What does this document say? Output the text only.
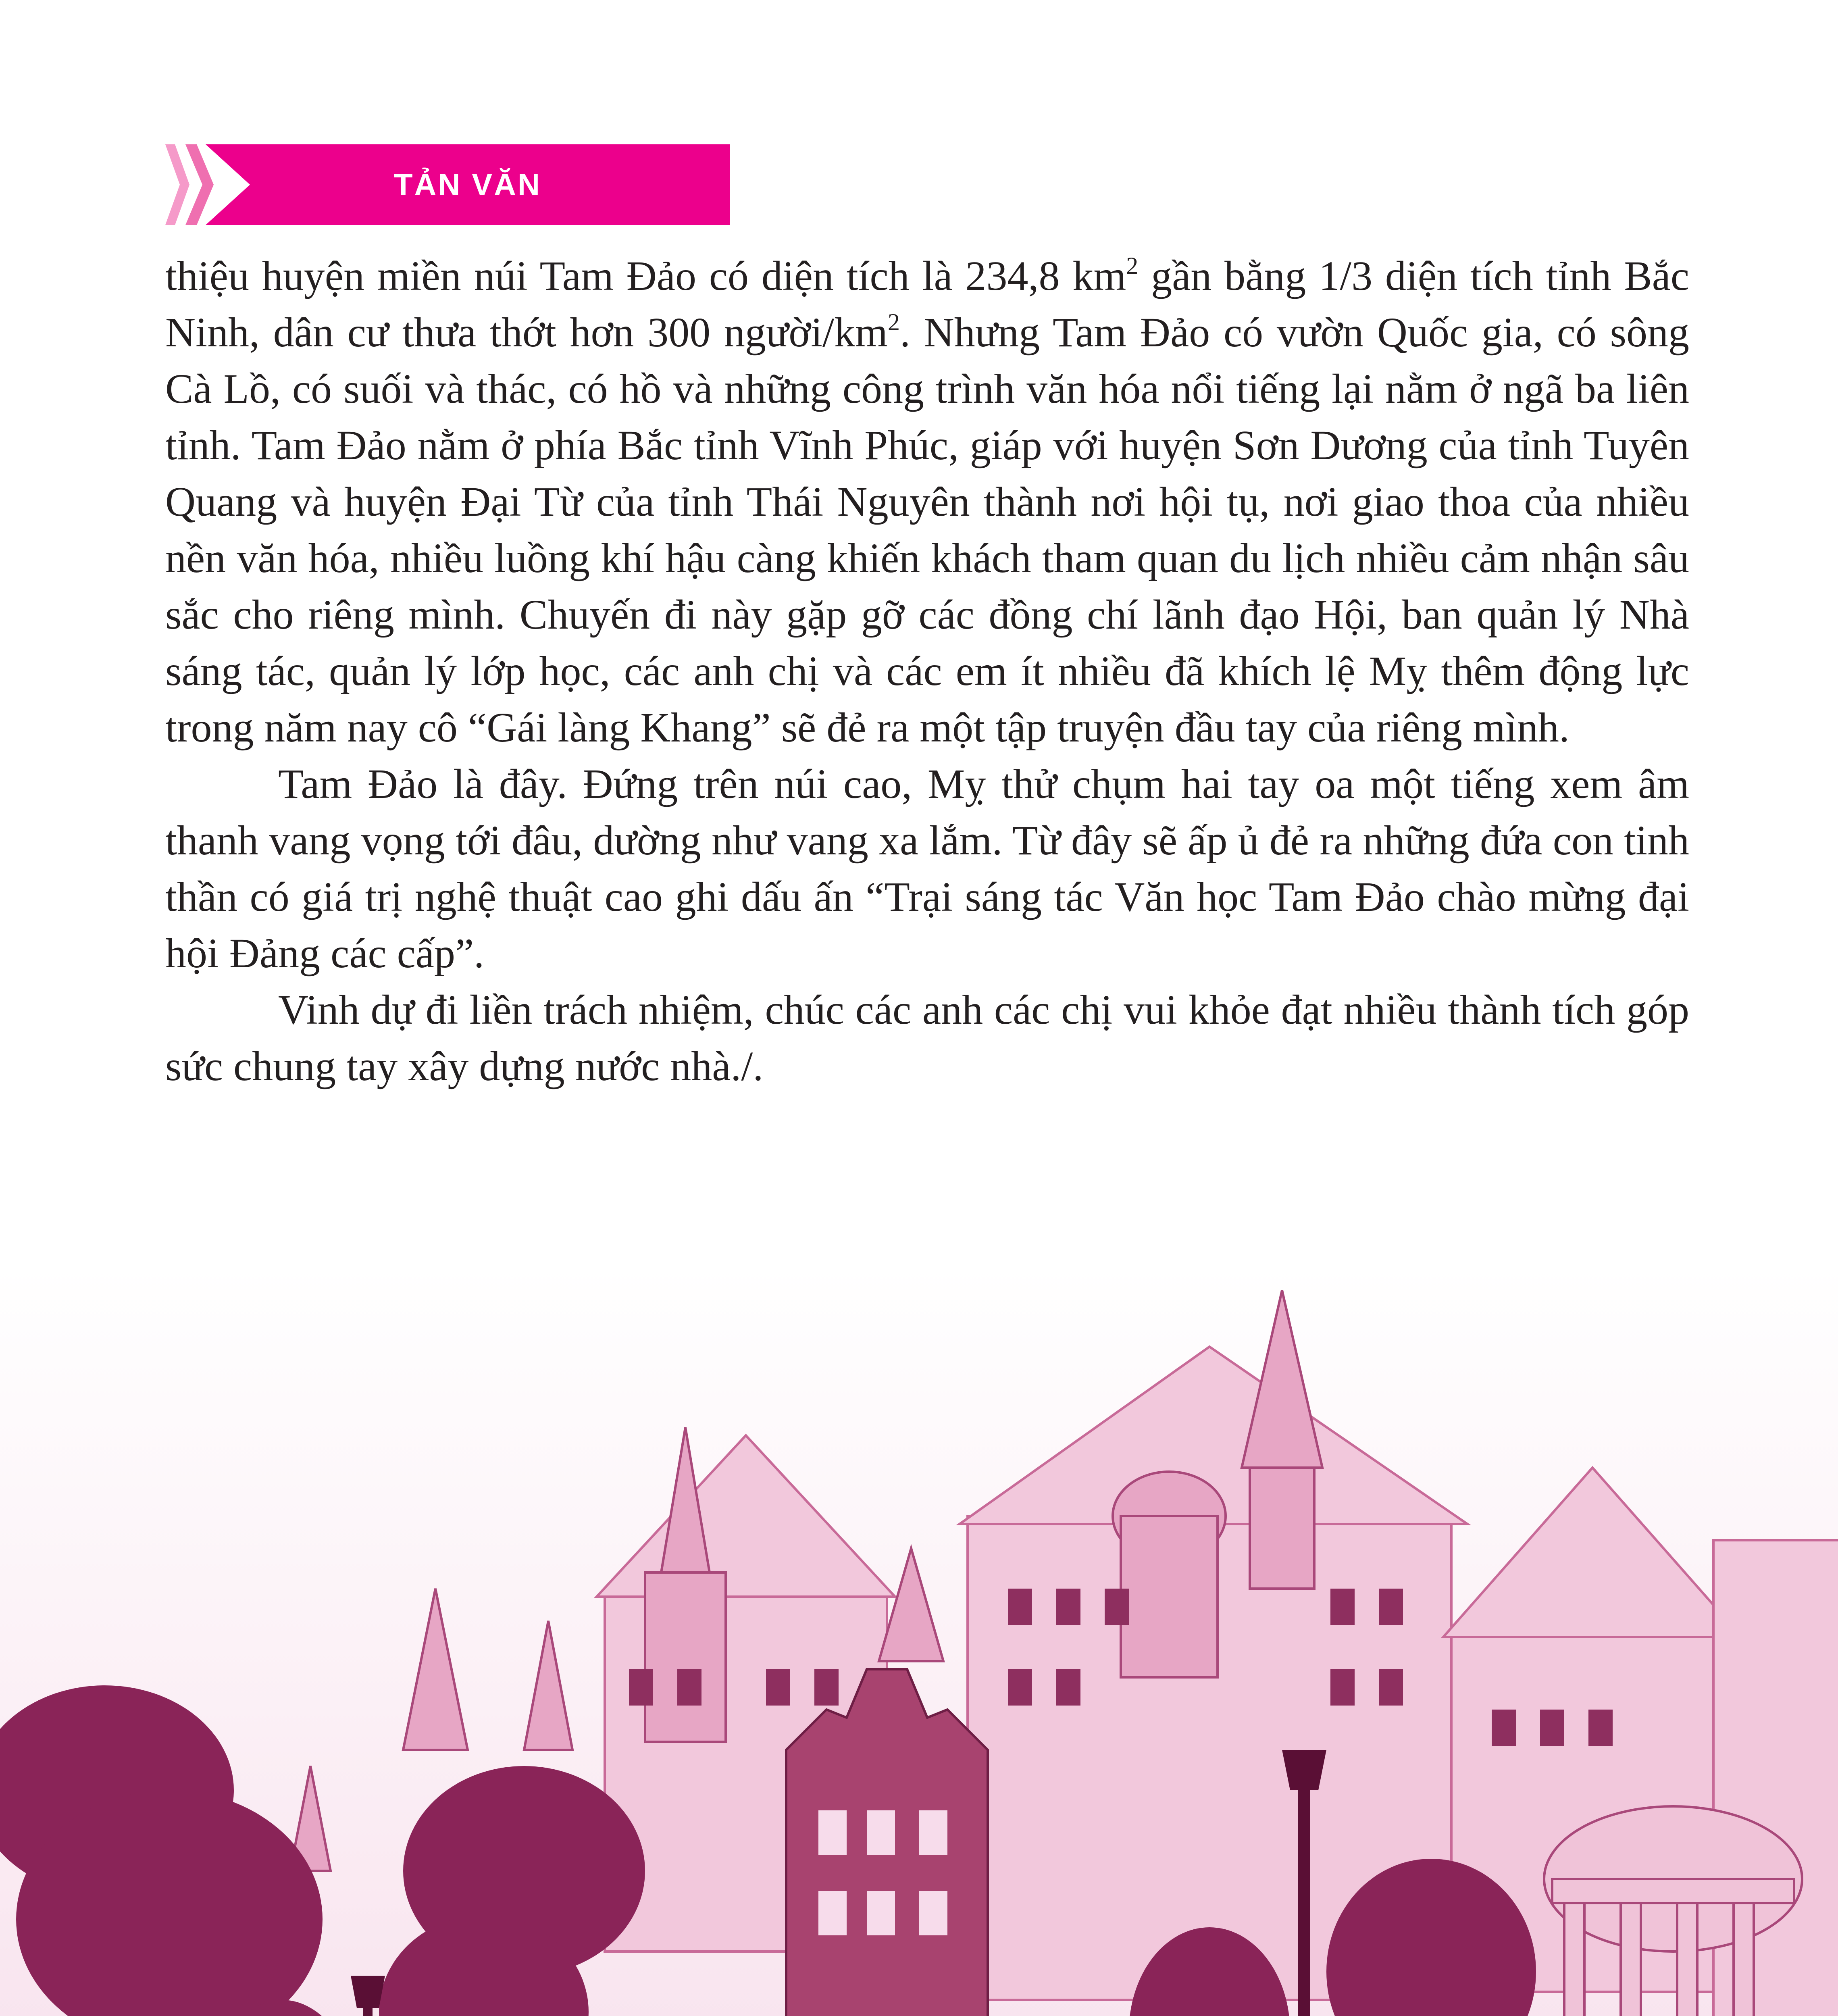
TẢN VĂN

thiệu huyện miền núi Tam Đảo có diện tích là 234,8 $km^2$ gần bằng 1/3 diện tích tỉnh Bắc Ninh, dân cư thưa thớt hơn 300 người/$km^2$. Nhưng Tam Đảo có vườn Quốc gia, có sông Cà Lồ, có suối và thác, có hồ và những công trình văn hóa nổi tiếng lại nằm ở ngã ba liên tỉnh. Tam Đảo nằm ở phía Bắc tỉnh Vĩnh Phúc, giáp với huyện Sơn Dương của tỉnh Tuyên Quang và huyện Đại Từ của tỉnh Thái Nguyên thành nơi hội tụ, nơi giao thoa của nhiều nền văn hóa, nhiều luồng khí hậu càng khiến khách tham quan du lịch nhiều cảm nhận sâu sắc cho riêng mình. Chuyến đi này gặp gỡ các đồng chí lãnh đạo Hội, ban quản lý Nhà sáng tác, quản lý lớp học, các anh chị và các em ít nhiều đã khích lệ Mỵ thêm động lực trong năm nay cô “Gái làng Khang” sẽ đẻ ra một tập truyện đầu tay của riêng mình.

Tam Đảo là đây. Đứng trên núi cao, Mỵ thử chụm hai tay oa một tiếng xem âm thanh vang vọng tới đâu, dường như vang xa lắm. Từ đây sẽ ấp ủ đẻ ra những đứa con tinh thần có giá trị nghệ thuật cao ghi dấu ấn “Trại sáng tác Văn học Tam Đảo chào mừng đại hội Đảng các cấp”.

Vinh dự đi liền trách nhiệm, chúc các anh các chị vui khỏe đạt nhiều thành tích góp sức chung tay xây dựng nước nhà./.
